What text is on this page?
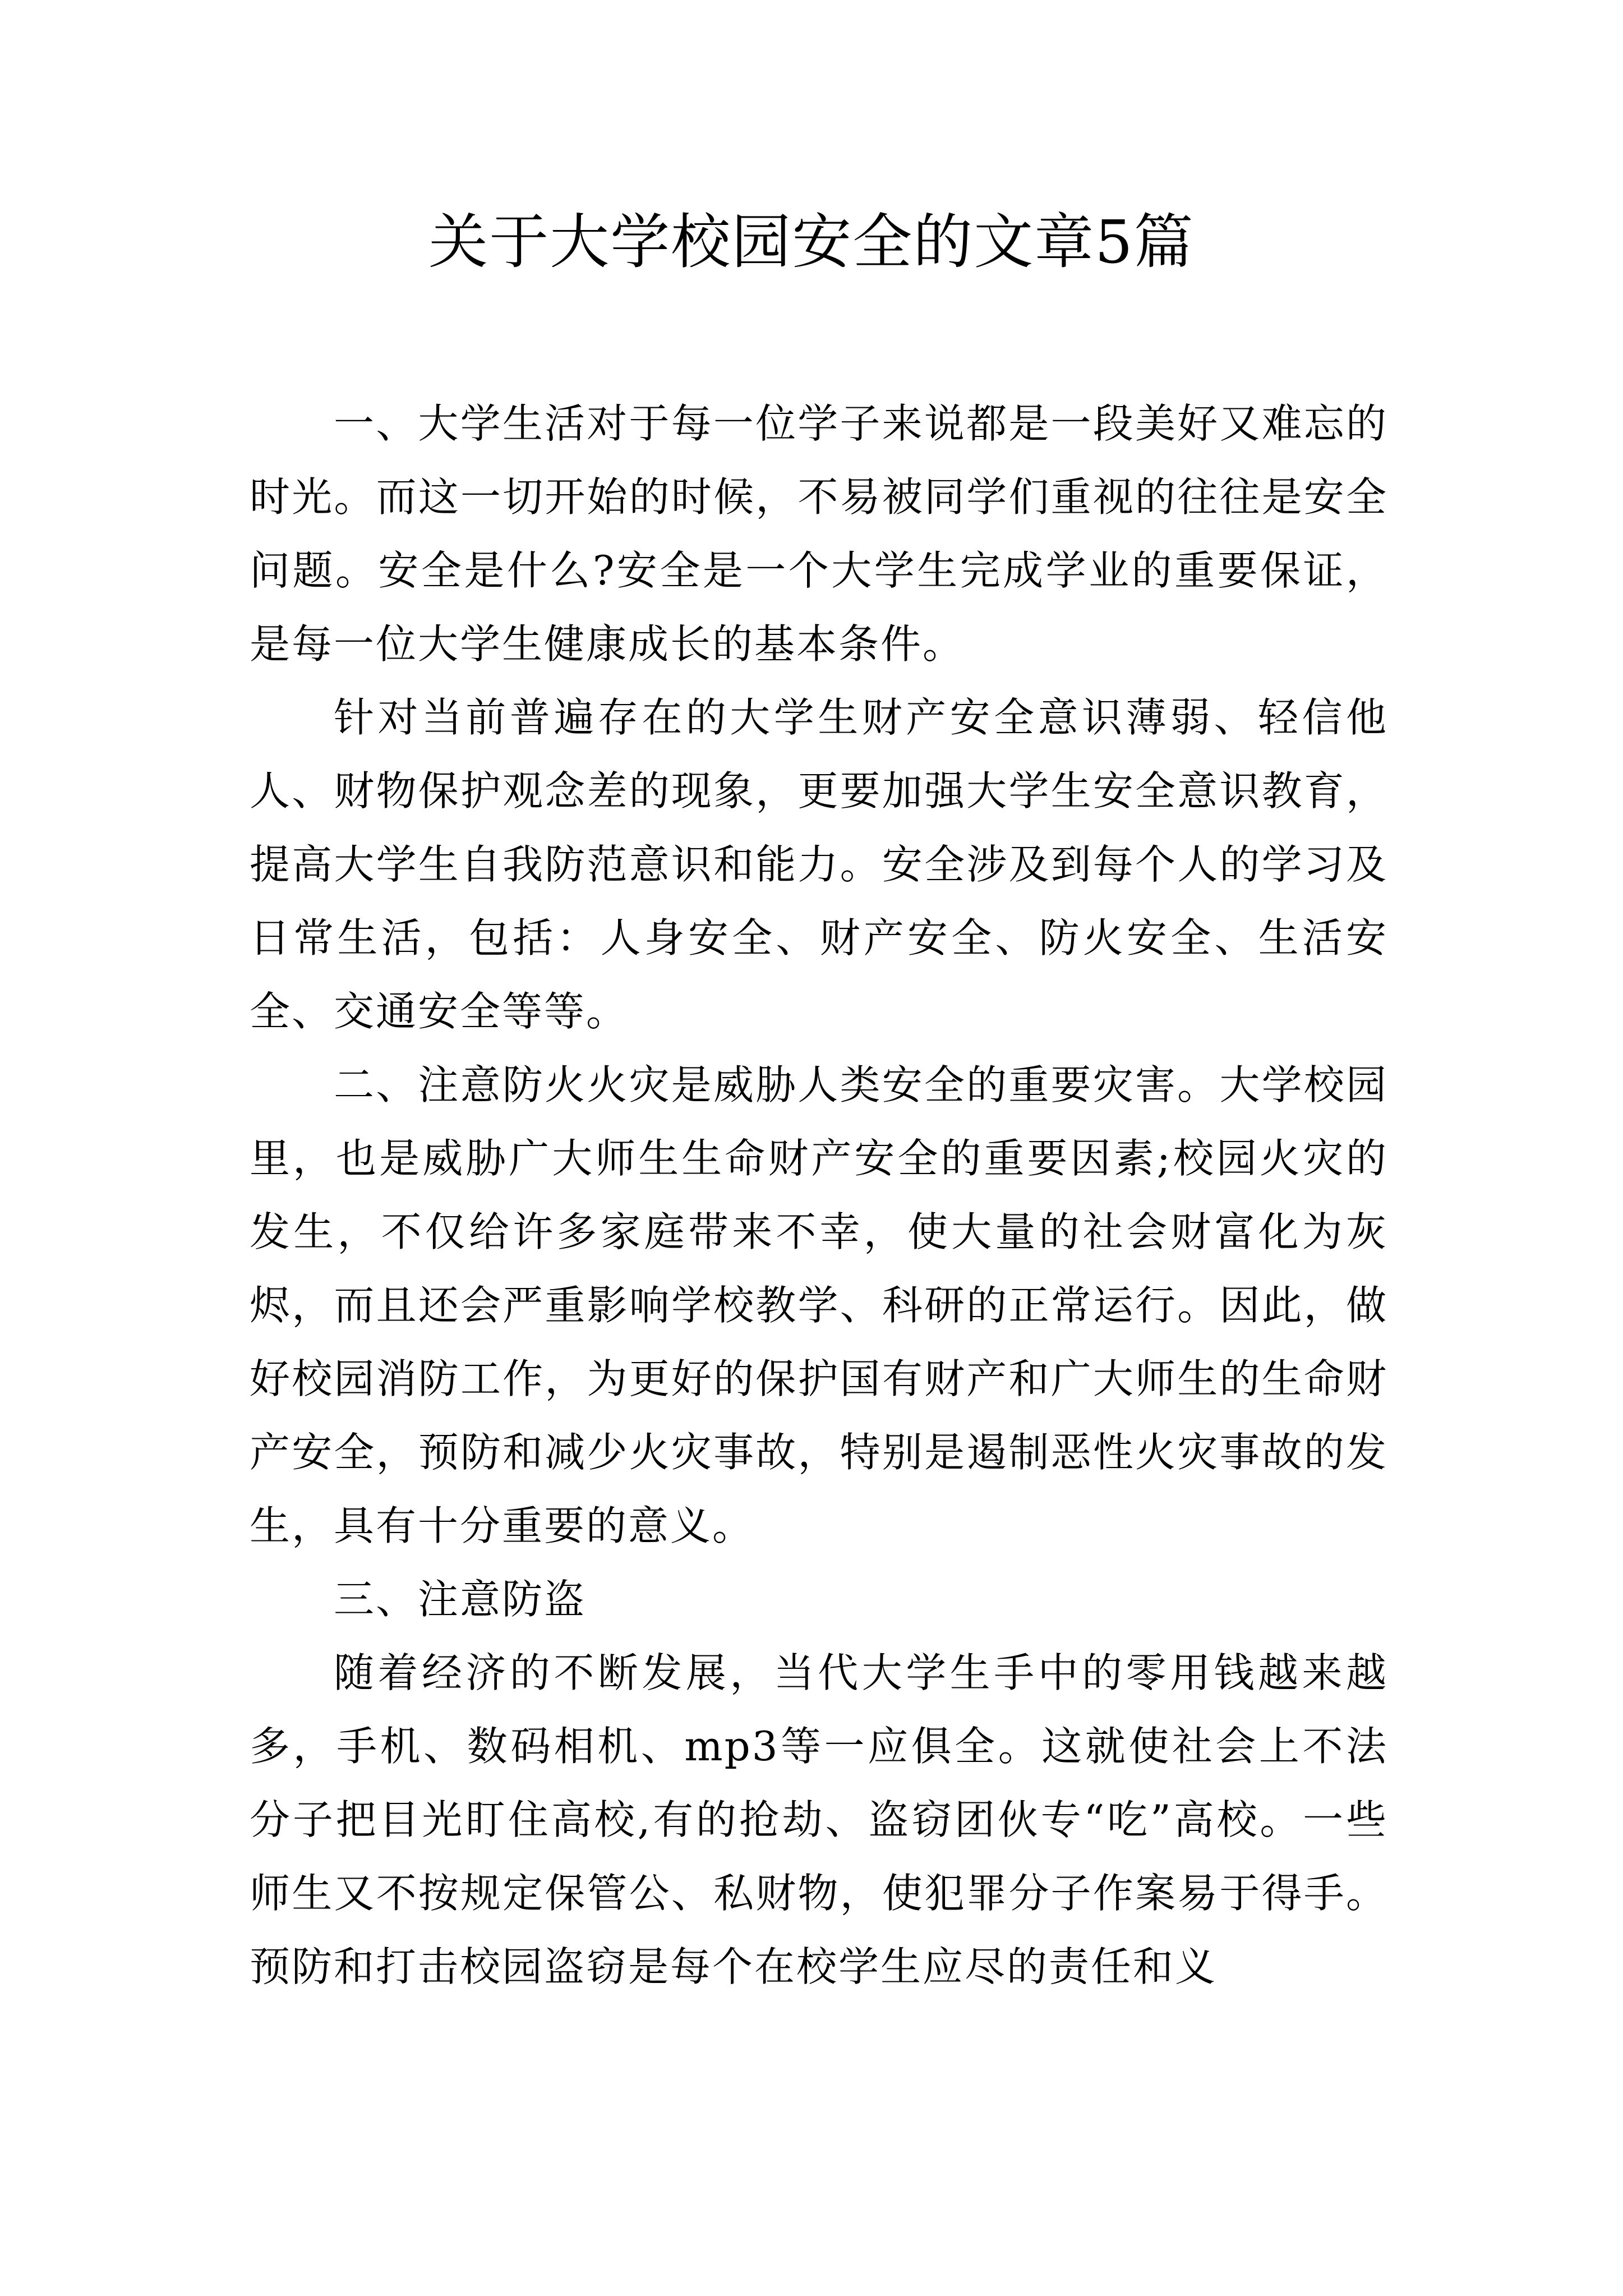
关于大学校园安全的文章5篇

一、大学生活对于每一位学子来说都是一段美好又难忘的时光。而这一切开始的时候，不易被同学们重视的往往是安全问题。安全是什么?安全是一个大学生完成学业的重要保证，是每一位大学生健康成长的基本条件。

针对当前普遍存在的大学生财产安全意识薄弱、轻信他人、财物保护观念差的现象，更要加强大学生安全意识教育，提高大学生自我防范意识和能力。安全涉及到每个人的学习及日常生活，包括：人身安全、财产安全、防火安全、生活安全、交通安全等等。

二、注意防火火灾是威胁人类安全的重要灾害。大学校园里，也是威胁广大师生生命财产安全的重要因素;校园火灾的发生，不仅给许多家庭带来不幸，使大量的社会财富化为灰烬，而且还会严重影响学校教学、科研的正常运行。因此，做好校园消防工作，为更好的保护国有财产和广大师生的生命财产安全，预防和减少火灾事故，特别是遏制恶性火灾事故的发生，具有十分重要的意义。

三、注意防盗

随着经济的不断发展，当代大学生手中的零用钱越来越多，手机、数码相机、mp3等一应俱全。这就使社会上不法分子把目光盯住高校,有的抢劫、盗窃团伙专“吃”高校。一些师生又不按规定保管公、私财物，使犯罪分子作案易于得手。预防和打击校园盗窃是每个在校学生应尽的责任和义
